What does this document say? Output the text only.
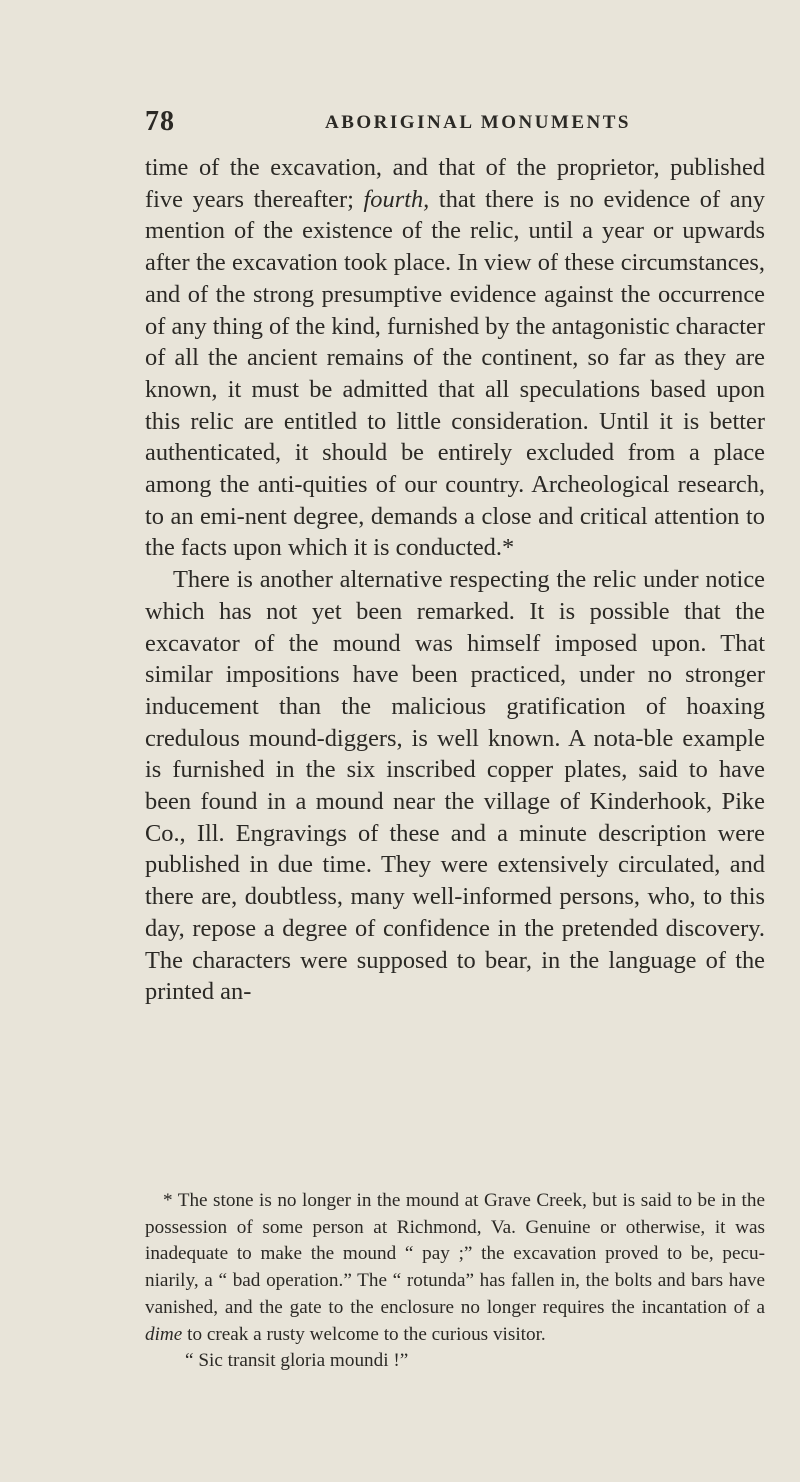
78	ABORIGINAL MONUMENTS

time of the excavation, and that of the proprietor, published five years thereafter; fourth, that there is no evidence of any mention of the existence of the relic, until a year or upwards after the excavation took place. In view of these circumstances, and of the strong presumptive evidence against the occurrence of any thing of the kind, furnished by the antagonistic character of all the ancient remains of the continent, so far as they are known, it must be admitted that all speculations based upon this relic are entitled to little consideration. Until it is better authenticated, it should be entirely excluded from a place among the anti-quities of our country. Archeological research, to an emi-nent degree, demands a close and critical attention to the facts upon which it is conducted.*

There is another alternative respecting the relic under notice which has not yet been remarked. It is possible that the excavator of the mound was himself imposed upon. That similar impositions have been practiced, under no stronger inducement than the malicious gratification of hoaxing credulous mound-diggers, is well known. A nota-ble example is furnished in the six inscribed copper plates, said to have been found in a mound near the village of Kinderhook, Pike Co., Ill. Engravings of these and a minute description were published in due time. They were extensively circulated, and there are, doubtless, many well-informed persons, who, to this day, repose a degree of confidence in the pretended discovery. The characters were supposed to bear, in the language of the printed an-

* The stone is no longer in the mound at Grave Creek, but is said to be in the possession of some person at Richmond, Va. Genuine or otherwise, it was inadequate to make the mound “ pay ;” the excavation proved to be, pecu-niarily, a “ bad operation.” The “ rotunda” has fallen in, the bolts and bars have vanished, and the gate to the enclosure no longer requires the incantation of a dime to creak a rusty welcome to the curious visitor.

“ Sic transit gloria moundi !”
